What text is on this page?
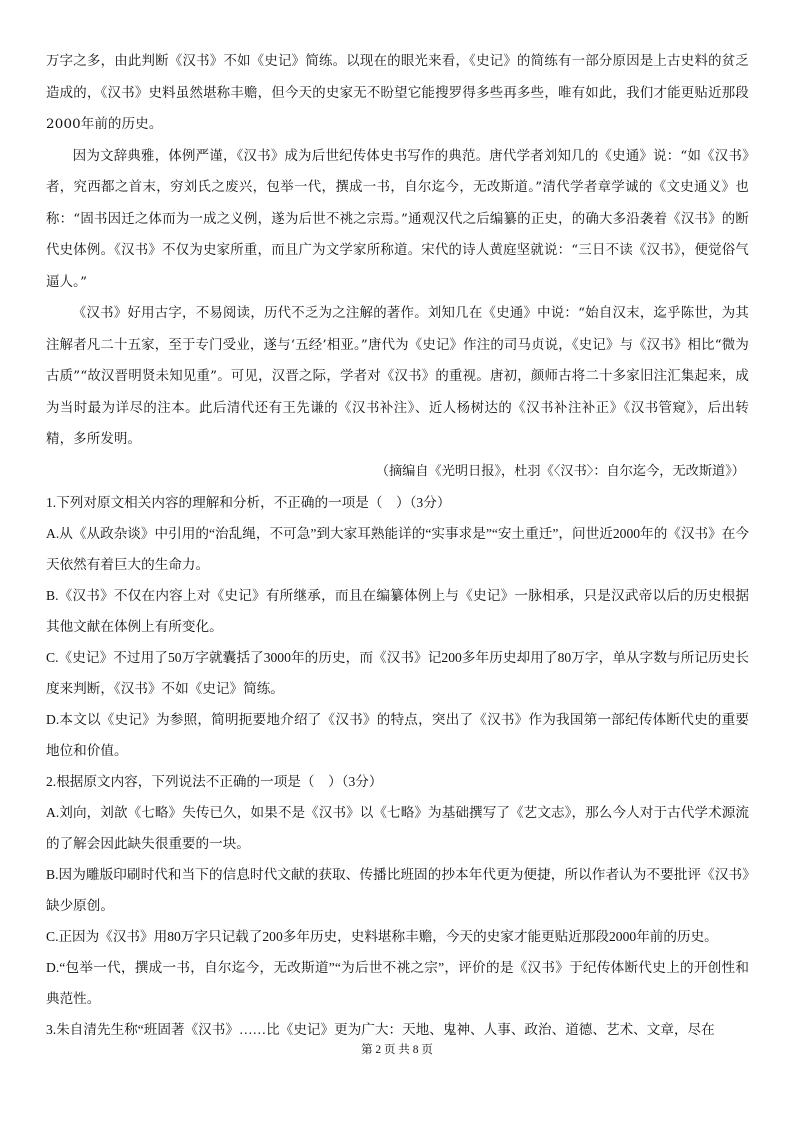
万字之多，由此判断《汉书》不如《史记》简练。以现在的眼光来看，《史记》的简练有一部分原因是上古史料的贫乏造成的，《汉书》史料虽然堪称丰赡，但今天的史家无不盼望它能搜罗得多些再多些，唯有如此，我们才能更贴近那段2000年前的历史。

因为文辞典雅，体例严谨，《汉书》成为后世纪传体史书写作的典范。唐代学者刘知几的《史通》说：“如《汉书》者，究西都之首末，穷刘氏之废兴，包举一代，撰成一书，自尔迄今，无改斯道。”清代学者章学诚的《文史通义》也称：“固书因迁之体而为一成之义例，遂为后世不祧之宗焉。”通观汉代之后编纂的正史，的确大多沿袭着《汉书》的断代史体例。《汉书》不仅为史家所重，而且广为文学家所称道。宋代的诗人黄庭坚就说：“三日不读《汉书》，便觉俗气逼人。”

《汉书》好用古字，不易阅读，历代不乏为之注解的著作。刘知几在《史通》中说：“始自汉末，迄乎陈世，为其注解者凡二十五家，至于专门受业，遂与‘五经’相亚。”唐代为《史记》作注的司马贞说，《史记》与《汉书》相比“微为古质”“故汉晋明贤未知见重”。可见，汉晋之际，学者对《汉书》的重视。唐初，颜师古将二十多家旧注汇集起来，成为当时最为详尽的注本。此后清代还有王先谦的《汉书补注》、近人杨树达的《汉书补注补正》《汉书管窥》，后出转精，多所发明。

（摘编自《光明日报》，杜羽《〈汉书〉：自尔迄今，无改斯道》）

1.下列对原文相关内容的理解和分析，不正确的一项是（　）（3分）

A.从《从政杂谈》中引用的“治乱绳，不可急”到大家耳熟能详的“实事求是”“安土重迁”，问世近2000年的《汉书》在今天依然有着巨大的生命力。

B.《汉书》不仅在内容上对《史记》有所继承，而且在编纂体例上与《史记》一脉相承，只是汉武帝以后的历史根据其他文献在体例上有所变化。

C.《史记》不过用了50万字就囊括了3000年的历史，而《汉书》记200多年历史却用了80万字，单从字数与所记历史长度来判断，《汉书》不如《史记》简练。

D.本文以《史记》为参照，简明扼要地介绍了《汉书》的特点，突出了《汉书》作为我国第一部纪传体断代史的重要地位和价值。

2.根据原文内容，下列说法不正确的一项是（　）（3分）

A.刘向，刘歆《七略》失传已久，如果不是《汉书》以《七略》为基础撰写了《艺文志》，那么今人对于古代学术源流的了解会因此缺失很重要的一块。

B.因为雕版印刷时代和当下的信息时代文献的获取、传播比班固的抄本年代更为便捷，所以作者认为不要批评《汉书》缺少原创。

C.正因为《汉书》用80万字只记载了200多年历史，史料堪称丰赡，今天的史家才能更贴近那段2000年前的历史。

D.“包举一代，撰成一书，自尔迄今，无改斯道”“为后世不祧之宗”，评价的是《汉书》于纪传体断代史上的开创性和典范性。

3.朱自清先生称“班固著《汉书》……比《史记》更为广大：天地、鬼神、人事、政治、道德、艺术、文章，尽在

第 2 页 共 8 页
